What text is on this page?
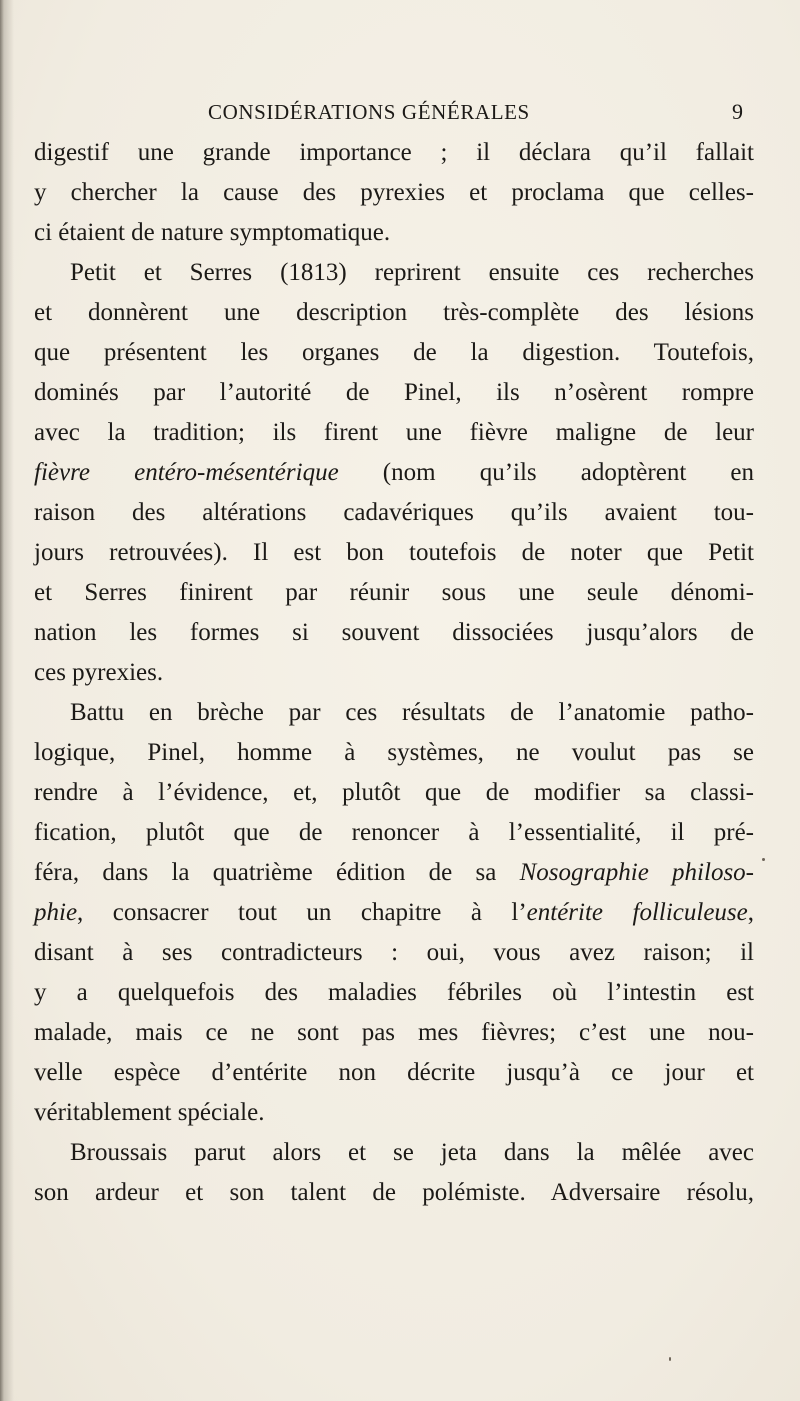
CONSIDÉRATIONS GÉNÉRALES	9
digestif une grande importance ; il déclara qu’il fallait
y chercher la cause des pyrexies et proclama que celles-
ci étaient de nature symptomatique.
Petit et Serres (1813) reprirent ensuite ces recherches
et donnèrent une description très-complète des lésions
que présentent les organes de la digestion. Toutefois,
dominés par l’autorité de Pinel, ils n’osèrent rompre
avec la tradition; ils firent une fièvre maligne de leur
fièvre entéro-mésentérique (nom qu’ils adoptèrent en
raison des altérations cadavériques qu’ils avaient tou-
jours retrouvées). Il est bon toutefois de noter que Petit
et Serres finirent par réunir sous une seule dénomi-
nation les formes si souvent dissociées jusqu’alors de
ces pyrexies.
Battu en brèche par ces résultats de l’anatomie patho-
logique, Pinel, homme à systèmes, ne voulut pas se
rendre à l’évidence, et, plutôt que de modifier sa classi-
fication, plutôt que de renoncer à l’essentialité, il pré-
féra, dans la quatrième édition de sa Nosographie philoso-
phie, consacrer tout un chapitre à l’entérite folliculeuse,
disant à ses contradicteurs : oui, vous avez raison; il
y a quelquefois des maladies fébriles où l’intestin est
malade, mais ce ne sont pas mes fièvres; c’est une nou-
velle espèce d’entérite non décrite jusqu’à ce jour et
véritablement spéciale.
Broussais parut alors et se jeta dans la mêlée avec
son ardeur et son talent de polémiste. Adversaire résolu,
